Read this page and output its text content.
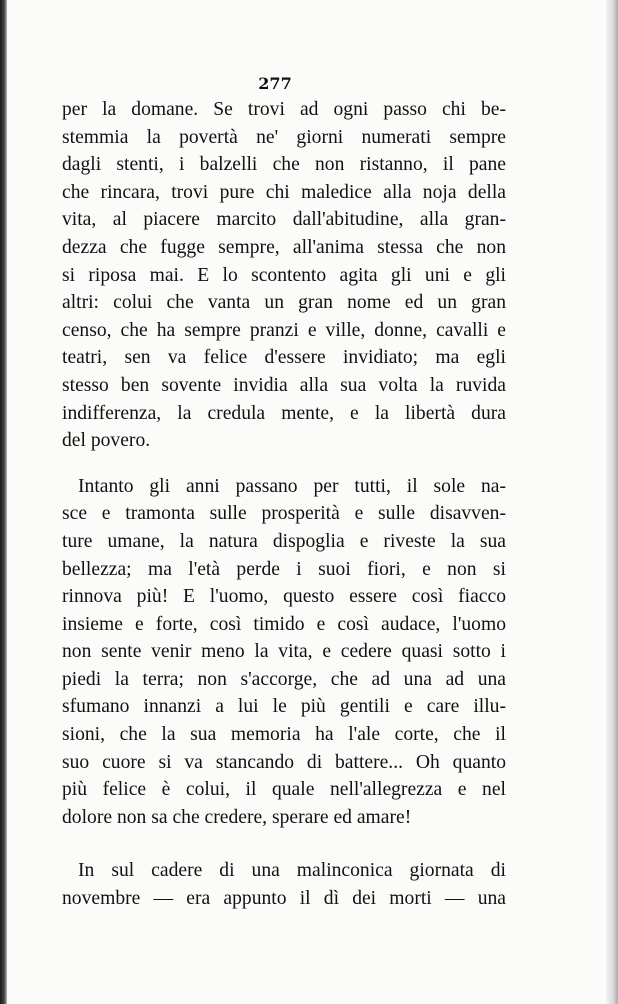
277
per la domane. Se trovi ad ogni passo chi be-
stemmia la povertà ne' giorni numerati sempre
dagli stenti, i balzelli che non ristanno, il pane
che rincara, trovi pure chi maledice alla noja della
vita, al piacere marcito dall'abitudine, alla gran-
dezza che fugge sempre, all'anima stessa che non
si riposa mai. E lo scontento agita gli uni e gli
altri: colui che vanta un gran nome ed un gran
censo, che ha sempre pranzi e ville, donne, cavalli e
teatri, sen va felice d'essere invidiato; ma egli
stesso ben sovente invidia alla sua volta la ruvida
indifferenza, la credula mente, e la libertà dura
del povero.
Intanto gli anni passano per tutti, il sole na-
sce e tramonta sulle prosperità e sulle disavven-
ture umane, la natura dispoglia e riveste la sua
bellezza; ma l'età perde i suoi fiori, e non si
rinnova più! E l'uomo, questo essere così fiacco
insieme e forte, così timido e così audace, l'uomo
non sente venir meno la vita, e cedere quasi sotto i
piedi la terra; non s'accorge, che ad una ad una
sfumano innanzi a lui le più gentili e care illu-
sioni, che la sua memoria ha l'ale corte, che il
suo cuore si va stancando di battere... Oh quanto
più felice è colui, il quale nell'allegrezza e nel
dolore non sa che credere, sperare ed amare!
In sul cadere di una malinconica giornata di
novembre — era appunto il dì dei morti — una
